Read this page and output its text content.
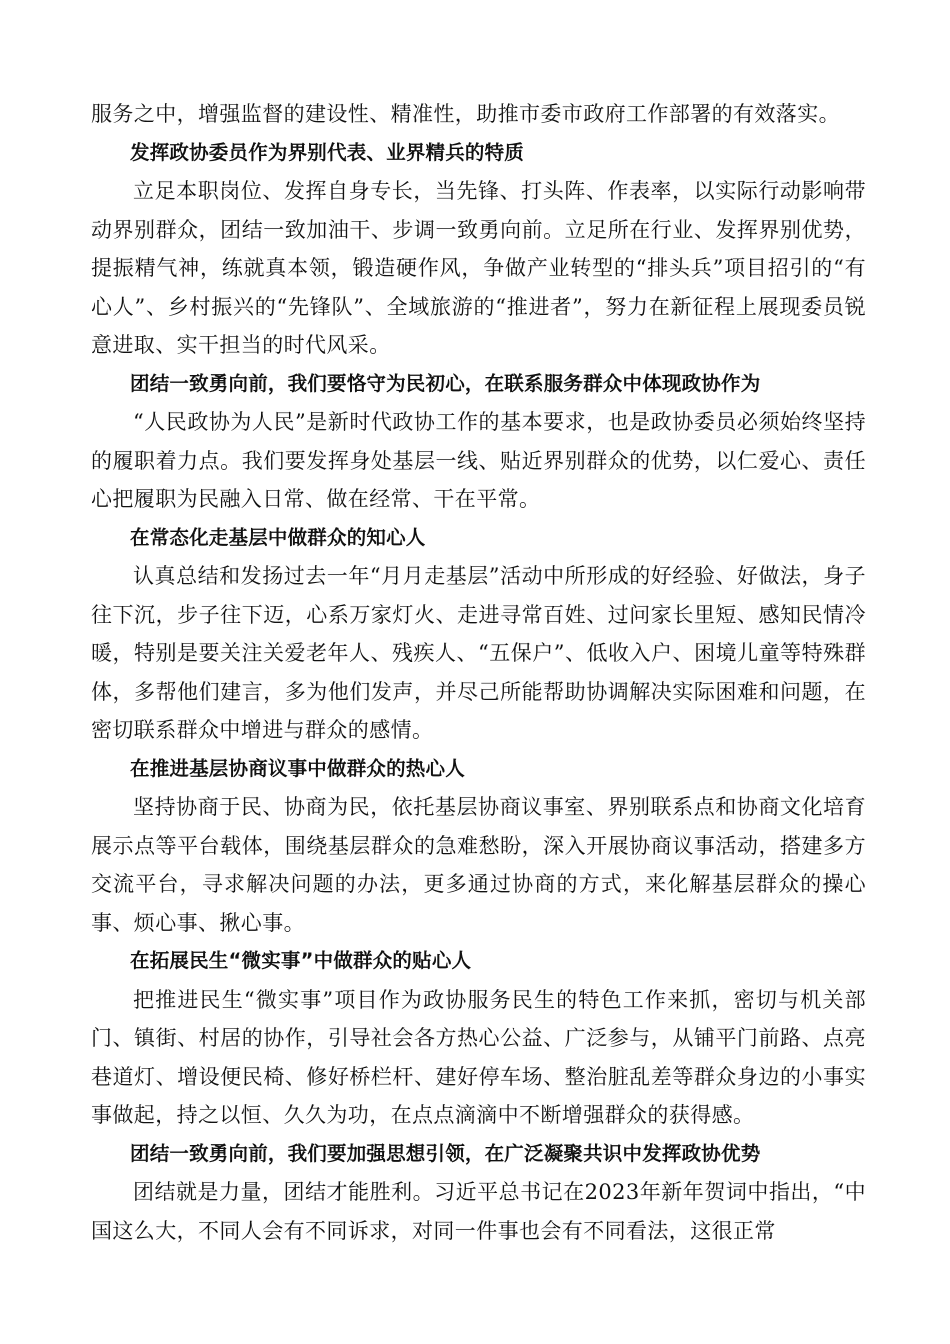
服务之中，增强监督的建设性、精准性，助推市委市政府工作部署的有效落实。

发挥政协委员作为界别代表、业界精兵的特质

立足本职岗位、发挥自身专长，当先锋、打头阵、作表率，以实际行动影响带动界别群众，团结一致加油干、步调一致勇向前。立足所在行业、发挥界别优势，提振精气神，练就真本领，锻造硬作风，争做产业转型的“排头兵”项目招引的“有心人”、乡村振兴的“先锋队”、全域旅游的“推进者”，努力在新征程上展现委员锐意进取、实干担当的时代风采。

团结一致勇向前，我们要恪守为民初心，在联系服务群众中体现政协作为

“人民政协为人民”是新时代政协工作的基本要求，也是政协委员必须始终坚持的履职着力点。我们要发挥身处基层一线、贴近界别群众的优势，以仁爱心、责任心把履职为民融入日常、做在经常、干在平常。

在常态化走基层中做群众的知心人

认真总结和发扬过去一年“月月走基层”活动中所形成的好经验、好做法，身子往下沉，步子往下迈，心系万家灯火、走进寻常百姓、过问家长里短、感知民情冷暖，特别是要关注关爱老年人、残疾人、“五保户”、低收入户、困境儿童等特殊群体，多帮他们建言，多为他们发声，并尽己所能帮助协调解决实际困难和问题，在密切联系群众中增进与群众的感情。

在推进基层协商议事中做群众的热心人

坚持协商于民、协商为民，依托基层协商议事室、界别联系点和协商文化培育展示点等平台载体，围绕基层群众的急难愁盼，深入开展协商议事活动，搭建多方交流平台，寻求解决问题的办法，更多通过协商的方式，来化解基层群众的操心事、烦心事、揪心事。

在拓展民生“微实事”中做群众的贴心人

把推进民生“微实事”项目作为政协服务民生的特色工作来抓，密切与机关部门、镇街、村居的协作，引导社会各方热心公益、广泛参与，从铺平门前路、点亮巷道灯、增设便民椅、修好桥栏杆、建好停车场、整治脏乱差等群众身边的小事实事做起，持之以恒、久久为功，在点点滴滴中不断增强群众的获得感。

团结一致勇向前，我们要加强思想引领，在广泛凝聚共识中发挥政协优势

团结就是力量，团结才能胜利。习近平总书记在2023年新年贺词中指出，“中国这么大，不同人会有不同诉求，对同一件事也会有不同看法，这很正常
